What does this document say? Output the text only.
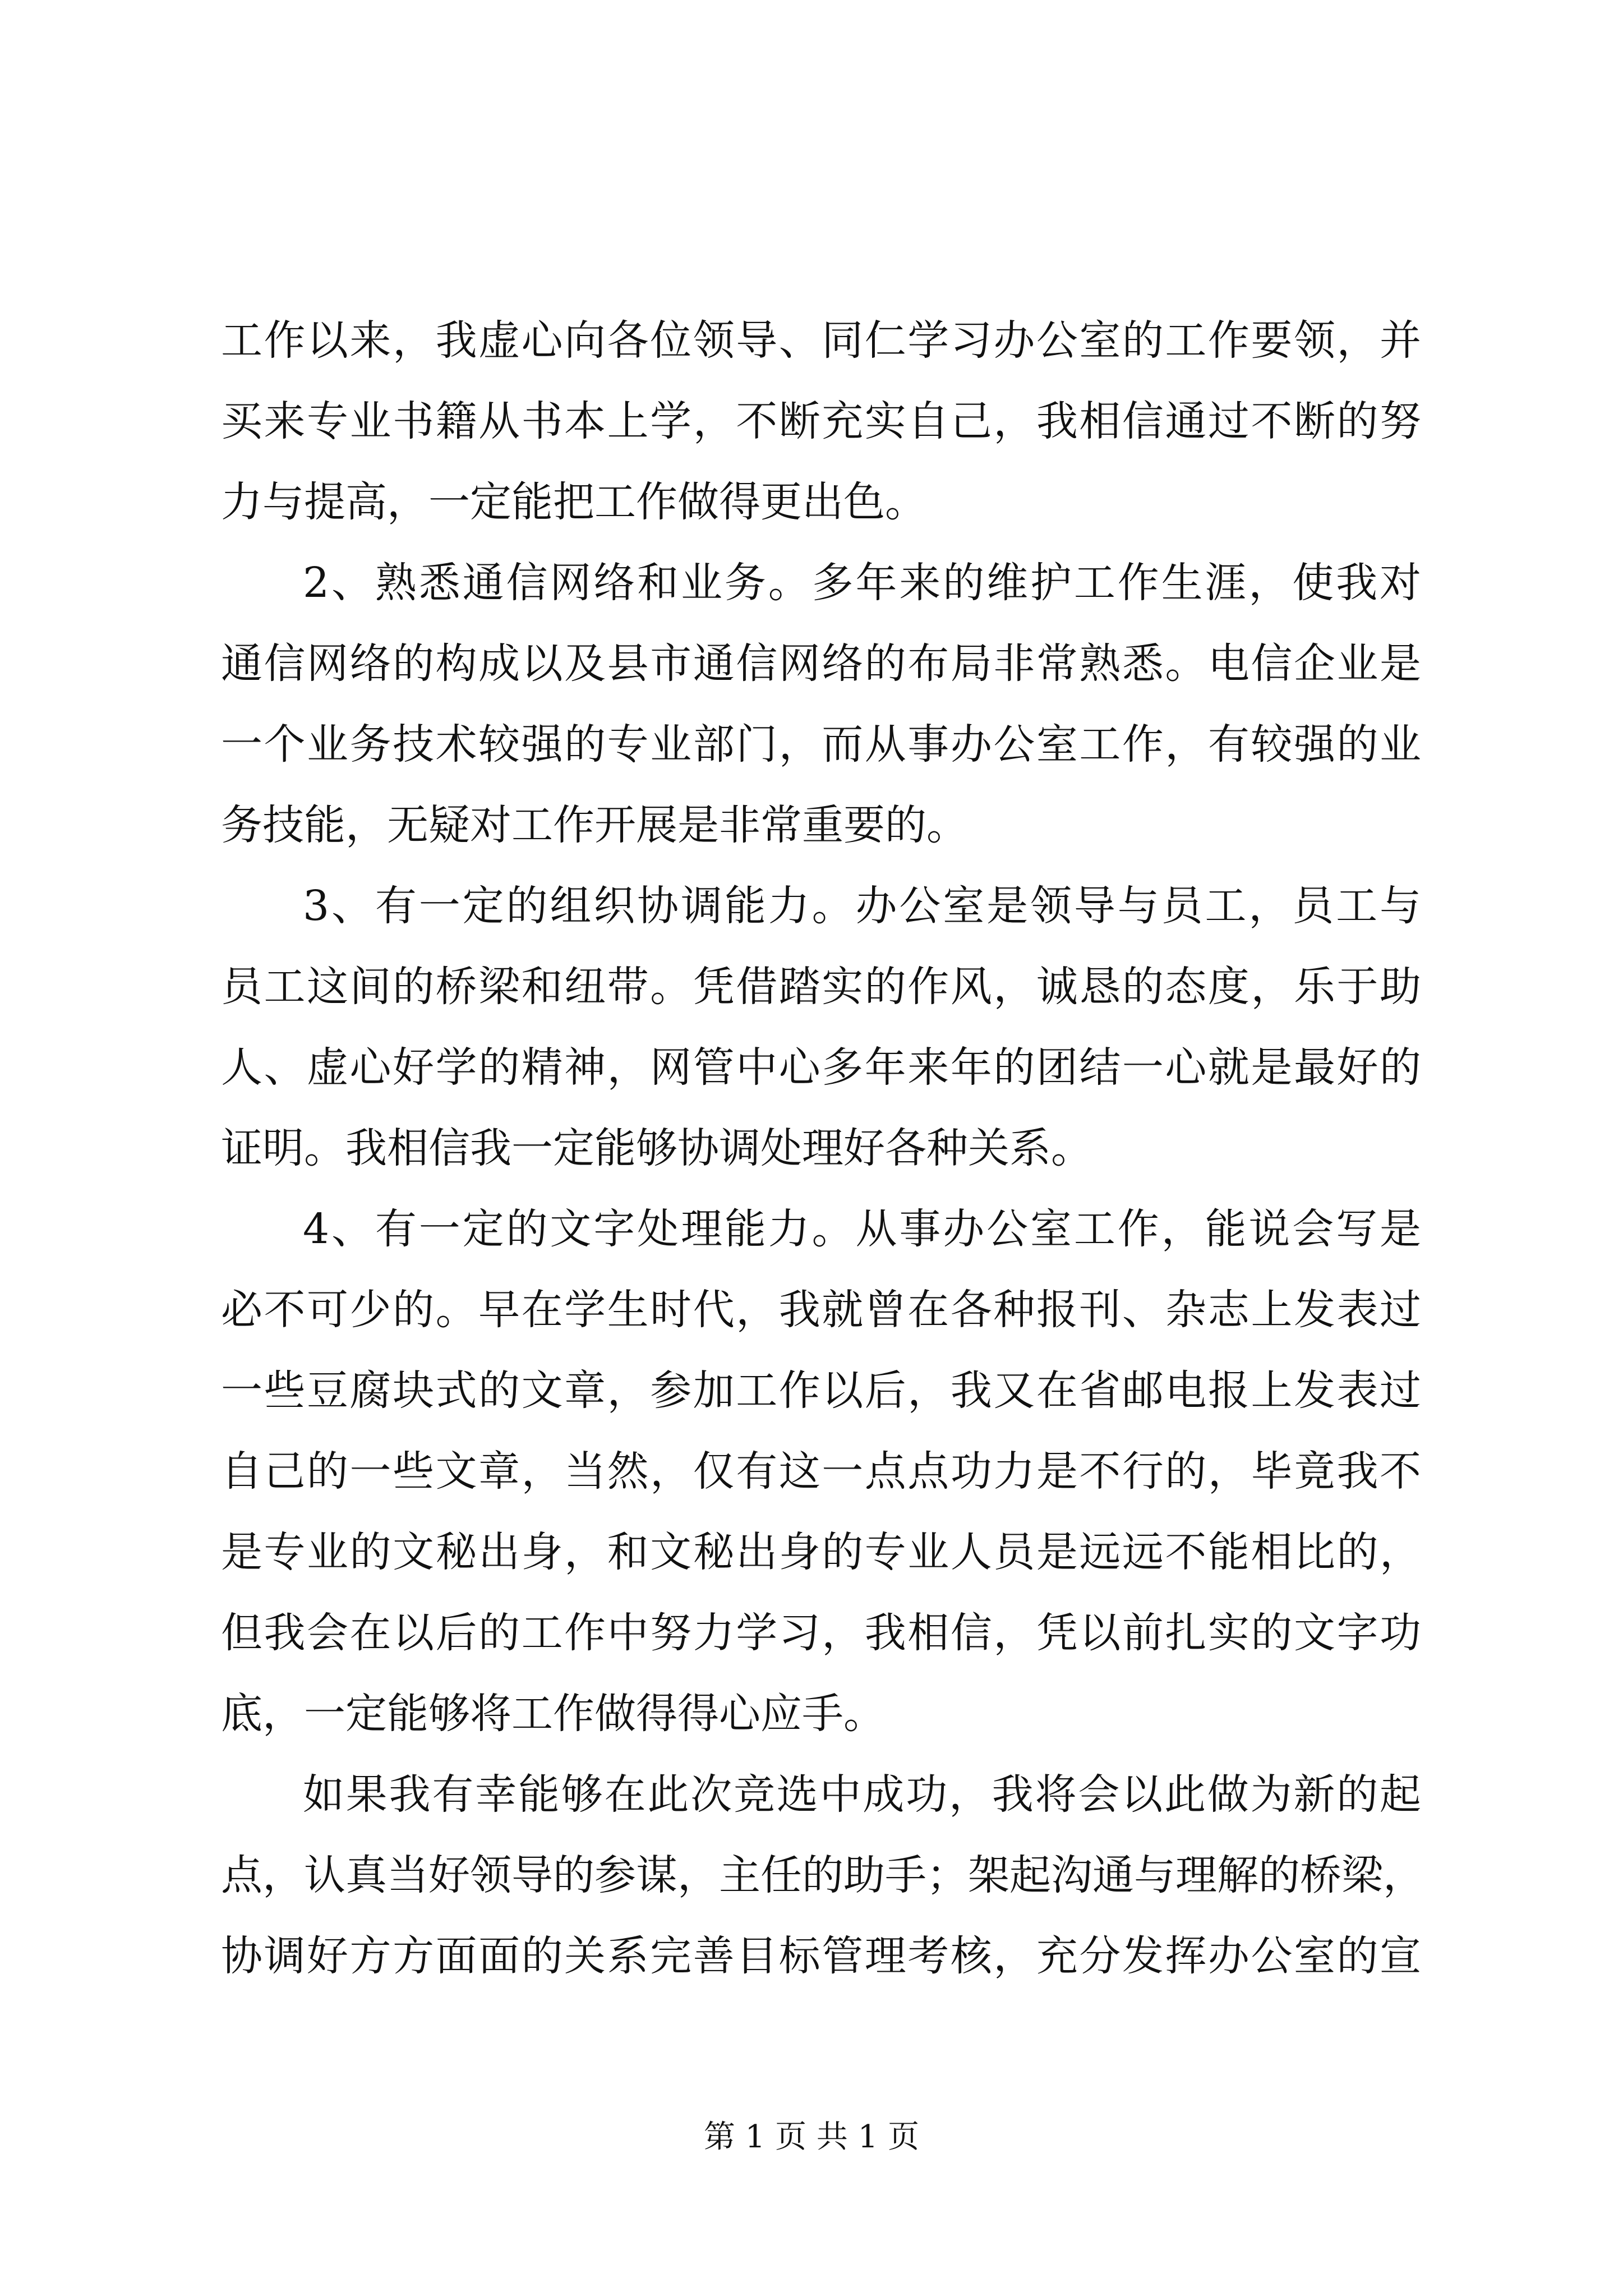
工作以来，我虚心向各位领导、同仁学习办公室的工作要领，并
买来专业书籍从书本上学，不断充实自己，我相信通过不断的努
力与提高，一定能把工作做得更出色。
2、熟悉通信网络和业务。多年来的维护工作生涯，使我对
通信网络的构成以及县市通信网络的布局非常熟悉。电信企业是
一个业务技术较强的专业部门，而从事办公室工作，有较强的业
务技能，无疑对工作开展是非常重要的。
3、有一定的组织协调能力。办公室是领导与员工，员工与
员工这间的桥梁和纽带。凭借踏实的作风，诚恳的态度，乐于助
人、虚心好学的精神，网管中心多年来年的团结一心就是最好的
证明。我相信我一定能够协调处理好各种关系。
4、有一定的文字处理能力。从事办公室工作，能说会写是
必不可少的。早在学生时代，我就曾在各种报刊、杂志上发表过
一些豆腐块式的文章，参加工作以后，我又在省邮电报上发表过
自己的一些文章，当然，仅有这一点点功力是不行的，毕竟我不
是专业的文秘出身，和文秘出身的专业人员是远远不能相比的，
但我会在以后的工作中努力学习，我相信，凭以前扎实的文字功
底，一定能够将工作做得得心应手。
如果我有幸能够在此次竞选中成功，我将会以此做为新的起
点，认真当好领导的参谋，主任的助手；架起沟通与理解的桥梁，
协调好方方面面的关系完善目标管理考核，充分发挥办公室的宣
第 1 页 共 1 页
